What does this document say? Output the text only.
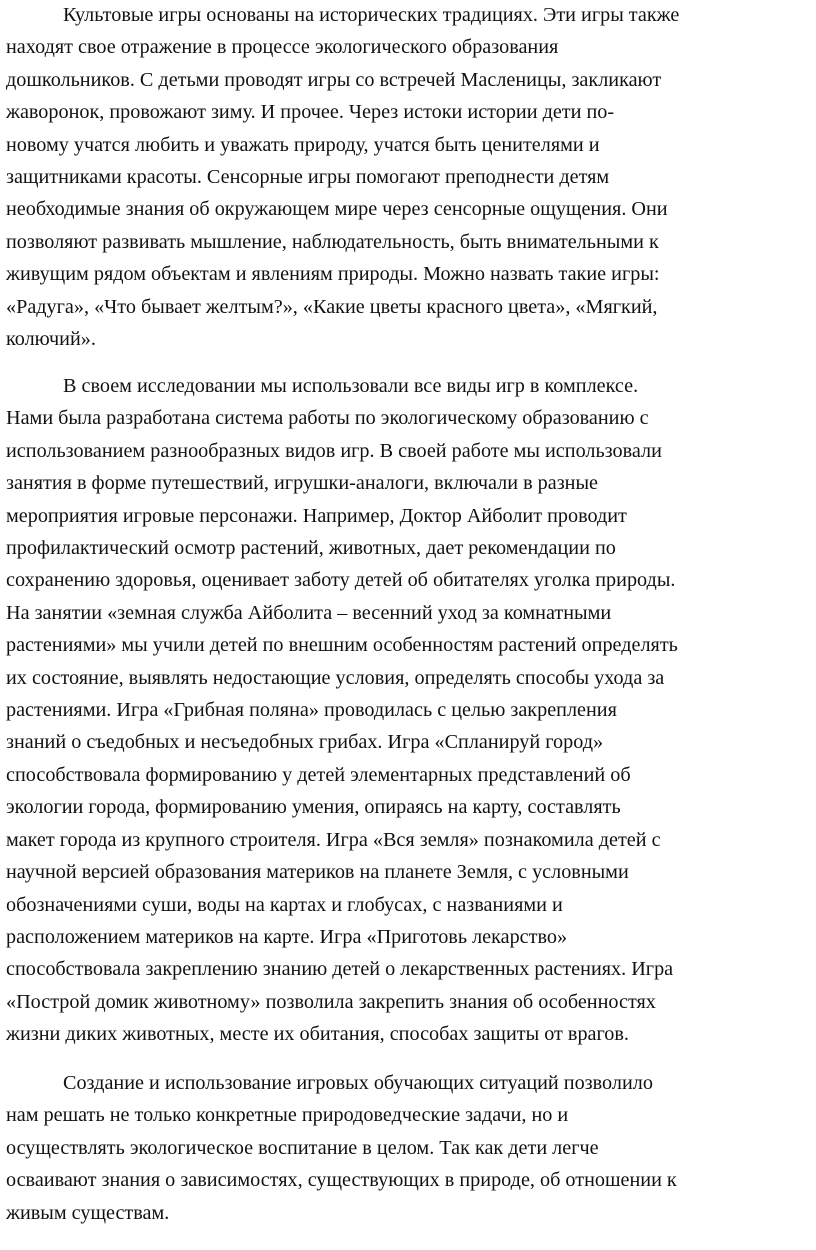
Культовые игры основаны на исторических традициях. Эти игры также
находят свое отражение в процессе экологического образования
дошкольников. С детьми проводят игры со встречей Масленицы, закликают
жаворонок, провожают зиму. И прочее. Через истоки истории дети по-
новому учатся любить и уважать природу, учатся быть ценителями и
защитниками красоты. Сенсорные игры помогают преподнести детям
необходимые знания об окружающем мире через сенсорные ощущения. Они
позволяют развивать мышление, наблюдательность, быть внимательными к
живущим рядом объектам и явлениям природы. Можно назвать такие игры:
«Радуга», «Что бывает желтым?», «Какие цветы красного цвета», «Мягкий,
колючий».
В своем исследовании мы использовали все виды игр в комплексе.
Нами была разработана система работы по экологическому образованию с
использованием разнообразных видов игр. В своей работе мы использовали
занятия в форме путешествий, игрушки-аналоги, включали в разные
мероприятия игровые персонажи. Например, Доктор Айболит проводит
профилактический осмотр растений, животных, дает рекомендации по
сохранению здоровья, оценивает заботу детей об обитателях уголка природы.
На занятии «земная служба Айболита – весенний уход за комнатными
растениями» мы учили детей по внешним особенностям растений определять
их состояние, выявлять недостающие условия, определять способы ухода за
растениями. Игра «Грибная поляна» проводилась с целью закрепления
знаний о съедобных и несъедобных грибах. Игра «Спланируй город»
способствовала формированию у детей элементарных представлений об
экологии города, формированию умения, опираясь на карту, составлять
макет города из крупного строителя. Игра «Вся земля» познакомила детей с
научной версией образования материков на планете Земля, с условными
обозначениями суши, воды на картах и глобусах, с названиями и
расположением материков на карте. Игра «Приготовь лекарство»
способствовала закреплению знанию детей о лекарственных растениях. Игра
«Построй домик животному» позволила закрепить знания об особенностях
жизни диких животных, месте их обитания, способах защиты от врагов.
Создание и использование игровых обучающих ситуаций позволило
нам решать не только конкретные природоведческие задачи, но и
осуществлять экологическое воспитание в целом. Так как дети легче
осваивают знания о зависимостях, существующих в природе, об отношении к
живым существам.
